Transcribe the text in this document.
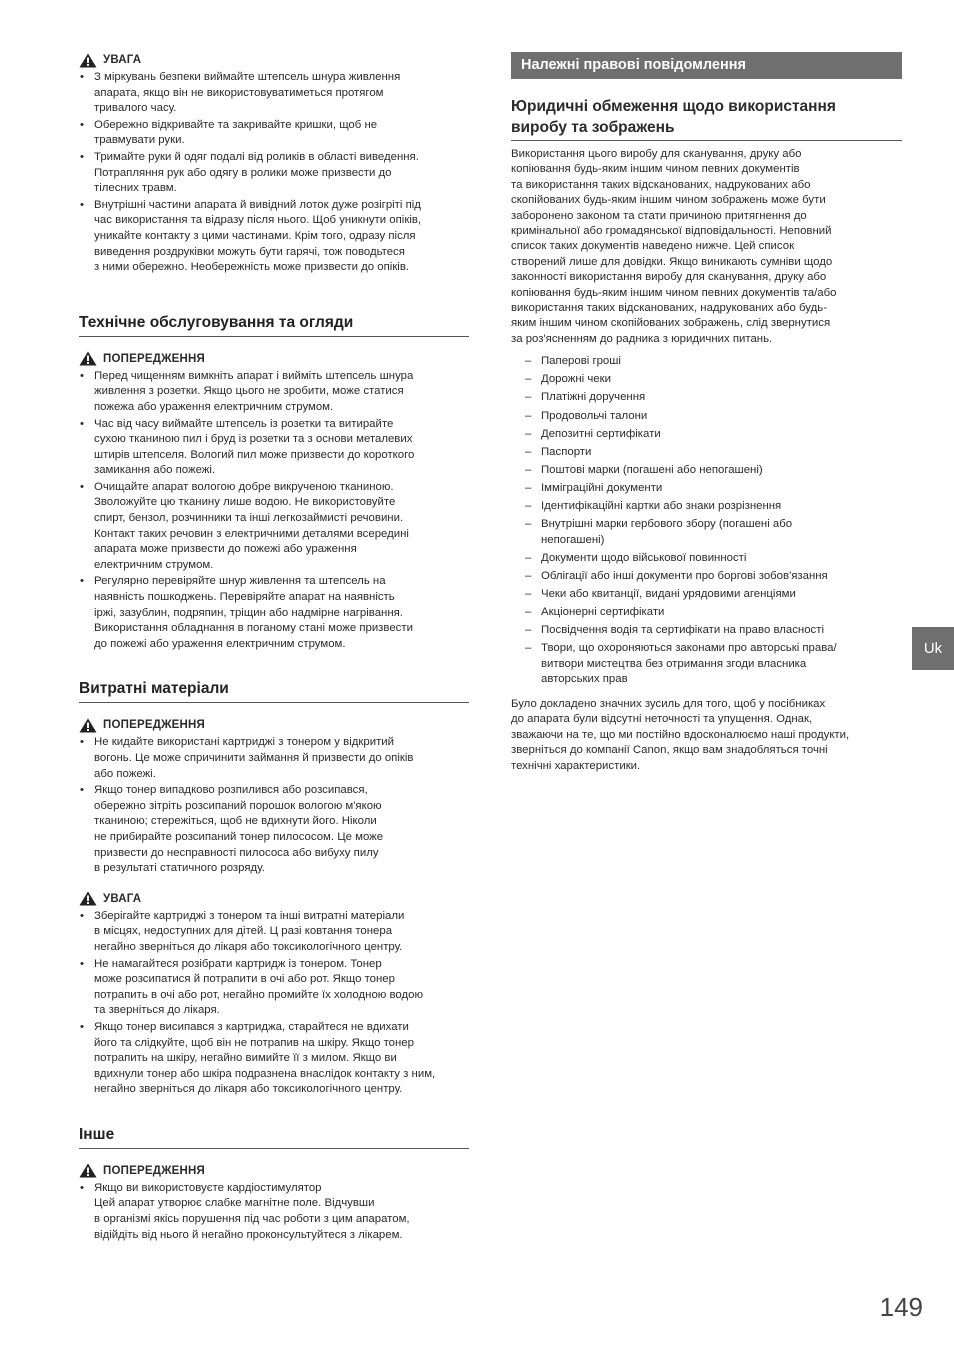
УВАГА
• З міркувань безпеки виймайте штепсель шнура живлення
апарата, якщо він не використовуватиметься протягом
тривалого часу.
• Обережно відкривайте та закривайте кришки, щоб не
травмувати руки.
• Тримайте руки й одяг подалі від роликів в області виведення.
Потрапляння рук або одягу в ролики може призвести до
тілесних травм.
• Внутрішні частини апарата й вивідний лоток дуже розігріті під
час використання та відразу після нього. Щоб уникнути опіків,
уникайте контакту з цими частинами. Крім того, одразу після
виведення роздруківки можуть бути гарячі, тож поводьтеся
з ними обережно. Необережність може призвести до опіків.
Технічне обслуговування та огляди
ПОПЕРЕДЖЕННЯ
• Перед чищенням вимкніть апарат і вийміть штепсель шнура
живлення з розетки. Якщо цього не зробити, може статися
пожежа або ураження електричним струмом.
• Час від часу виймайте штепсель із розетки та витирайте
сухою тканиною пил і бруд із розетки та з основи металевих
штирів штепселя. Вологий пил може призвести до короткого
замикання або пожежі.
• Очищайте апарат вологою добре викрученою тканиною.
Зволожуйте цю тканину лише водою. Не використовуйте
спирт, бензол, розчинники та інші легкозаймисті речовини.
Контакт таких речовин з електричними деталями всередині
апарата може призвести до пожежі або ураження
електричним струмом.
• Регулярно перевіряйте шнур живлення та штепсель на
наявність пошкоджень. Перевіряйте апарат на наявність
іржі, зазублин, подряпин, тріщин або надмірне нагрівання.
Використання обладнання в поганому стані може призвести
до пожежі або ураження електричним струмом.
Витратні матеріали
ПОПЕРЕДЖЕННЯ
• Не кидайте використані картриджі з тонером у відкритий
вогонь. Це може спричинити займання й призвести до опіків
або пожежі.
• Якщо тонер випадково розпилився або розсипався,
обережно зітріть розсипаний порошок вологою м'якою
тканиною; стережіться, щоб не вдихнути його. Ніколи
не прибирайте розсипаний тонер пилососом. Це може
призвести до несправності пилососа або вибуху пилу
в результаті статичного розряду.
УВАГА
• Зберігайте картриджі з тонером та інші витратні матеріали
в місцях, недоступних для дітей. Ц разі ковтання тонера
негайно зверніться до лікаря або токсикологічного центру.
• Не намагайтеся розібрати картридж із тонером. Тонер
може розсипатися й потрапити в очі або рот. Якщо тонер
потрапить в очі або рот, негайно промийте їх холодною водою
та зверніться до лікаря.
• Якщо тонер висипався з картриджа, старайтеся не вдихати
його та слідкуйте, щоб він не потрапив на шкіру. Якщо тонер
потрапить на шкіру, негайно вимийте її з милом. Якщо ви
вдихнули тонер або шкіра подразнена внаслідок контакту з ним,
негайно зверніться до лікаря або токсикологічного центру.
Інше
ПОПЕРЕДЖЕННЯ
• Якщо ви використовуєте кардіостимулятор
Цей апарат утворює слабке магнітне поле. Відчувши
в організмі якісь порушення під час роботи з цим апаратом,
відійдіть від нього й негайно проконсультуйтеся з лікарем.
Належні правові повідомлення
Юридичні обмеження щодо використання
виробу та зображень
Використання цього виробу для сканування, друку або
копіювання будь-яким іншим чином певних документів
та використання таких відсканованих, надрукованих або
скопійованих будь-яким іншим чином зображень може бути
заборонено законом та стати причиною притягнення до
кримінальної або громадянської відповідальності. Неповний
список таких документів наведено нижче. Цей список
створений лише для довідки. Якщо виникають сумніви щодо
законності використання виробу для сканування, друку або
копіювання будь-яким іншим чином певних документів та/або
використання таких відсканованих, надрукованих або будь-
яким іншим чином скопійованих зображень, слід звернутися
за роз'ясненням до радника з юридичних питань.
– Паперові гроші
– Дорожні чеки
– Платіжні доручення
– Продовольчі талони
– Депозитні сертифікати
– Паспорти
– Поштові марки (погашені або непогашені)
– Імміграційні документи
– Ідентифікаційні картки або знаки розрізнення
– Внутрішні марки гербового збору (погашені або
непогашені)
– Документи щодо військової повинності
– Облігації або інші документи про боргові зобов'язання
– Чеки або квитанції, видані урядовими агенціями
– Акціонерні сертифікати
– Посвідчення водія та сертифікати на право власності
– Твори, що охороняються законами про авторські права/
витвори мистецтва без отримання згоди власника
авторських прав
Було докладено значних зусиль для того, щоб у посібниках
до апарата були відсутні неточності та упущення. Однак,
зважаючи на те, що ми постійно вдосконалюємо наші продукти,
зверніться до компанії Canon, якщо вам знадобляться точні
технічні характеристики.
Uk
149
